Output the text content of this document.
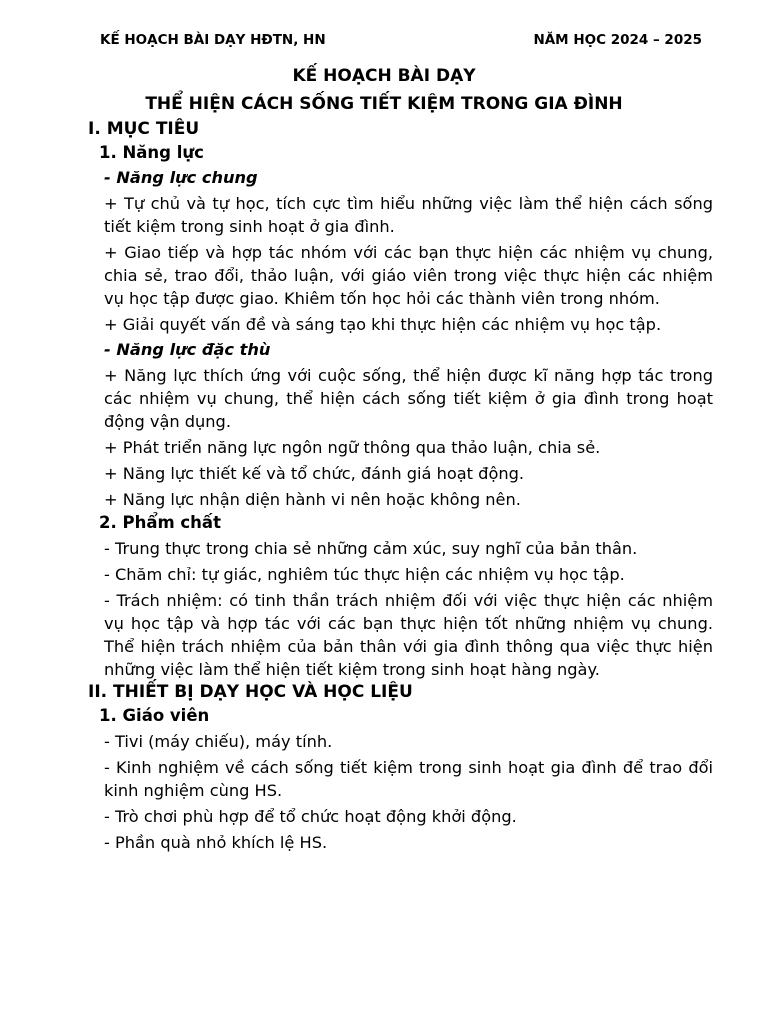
KẾ HOẠCH BÀI DẠY HĐTN, HN	NĂM HỌC 2024 – 2025
KẾ HOẠCH BÀI DẠY
THỂ HIỆN CÁCH SỐNG TIẾT KIỆM TRONG GIA ĐÌNH

I. MỤC TIÊU

1. Năng lực

- Năng lực chung

+ Tự chủ và tự học, tích cực tìm hiểu những việc làm thể hiện cách sống tiết kiệm trong sinh hoạt ở gia đình.

+ Giao tiếp và hợp tác nhóm với các bạn thực hiện các nhiệm vụ chung, chia sẻ, trao đổi, thảo luận, với giáo viên trong việc thực hiện các nhiệm vụ học tập được giao. Khiêm tốn học hỏi các thành viên trong nhóm.

+ Giải quyết vấn đề và sáng tạo khi thực hiện các nhiệm vụ học tập.

- Năng lực đặc thù

+ Năng lực thích ứng với cuộc sống, thể hiện được kĩ năng hợp tác trong các nhiệm vụ chung, thể hiện cách sống tiết kiệm ở gia đình trong hoạt động vận dụng.

+ Phát triển năng lực ngôn ngữ thông qua thảo luận, chia sẻ.

+ Năng lực thiết kế và tổ chức, đánh giá hoạt động.

+ Năng lực nhận diện hành vi nên hoặc không nên.

2. Phẩm chất

- Trung thực trong chia sẻ những cảm xúc, suy nghĩ của bản thân.

- Chăm chỉ: tự giác, nghiêm túc thực hiện các nhiệm vụ học tập.

- Trách nhiệm: có tinh thần trách nhiệm đối với việc thực hiện các nhiệm vụ học tập và hợp tác với các bạn thực hiện tốt những nhiệm vụ chung. Thể hiện trách nhiệm của bản thân với gia đình thông qua việc thực hiện những việc làm thể hiện tiết kiệm trong sinh hoạt hàng ngày.

II. THIẾT BỊ DẠY HỌC VÀ HỌC LIỆU

1. Giáo viên

- Tivi (máy chiếu), máy tính.

- Kinh nghiệm về cách sống tiết kiệm trong sinh hoạt gia đình để trao đổi kinh nghiệm cùng HS.

- Trò chơi phù hợp để tổ chức hoạt động khởi động.

- Phần quà nhỏ khích lệ HS.
